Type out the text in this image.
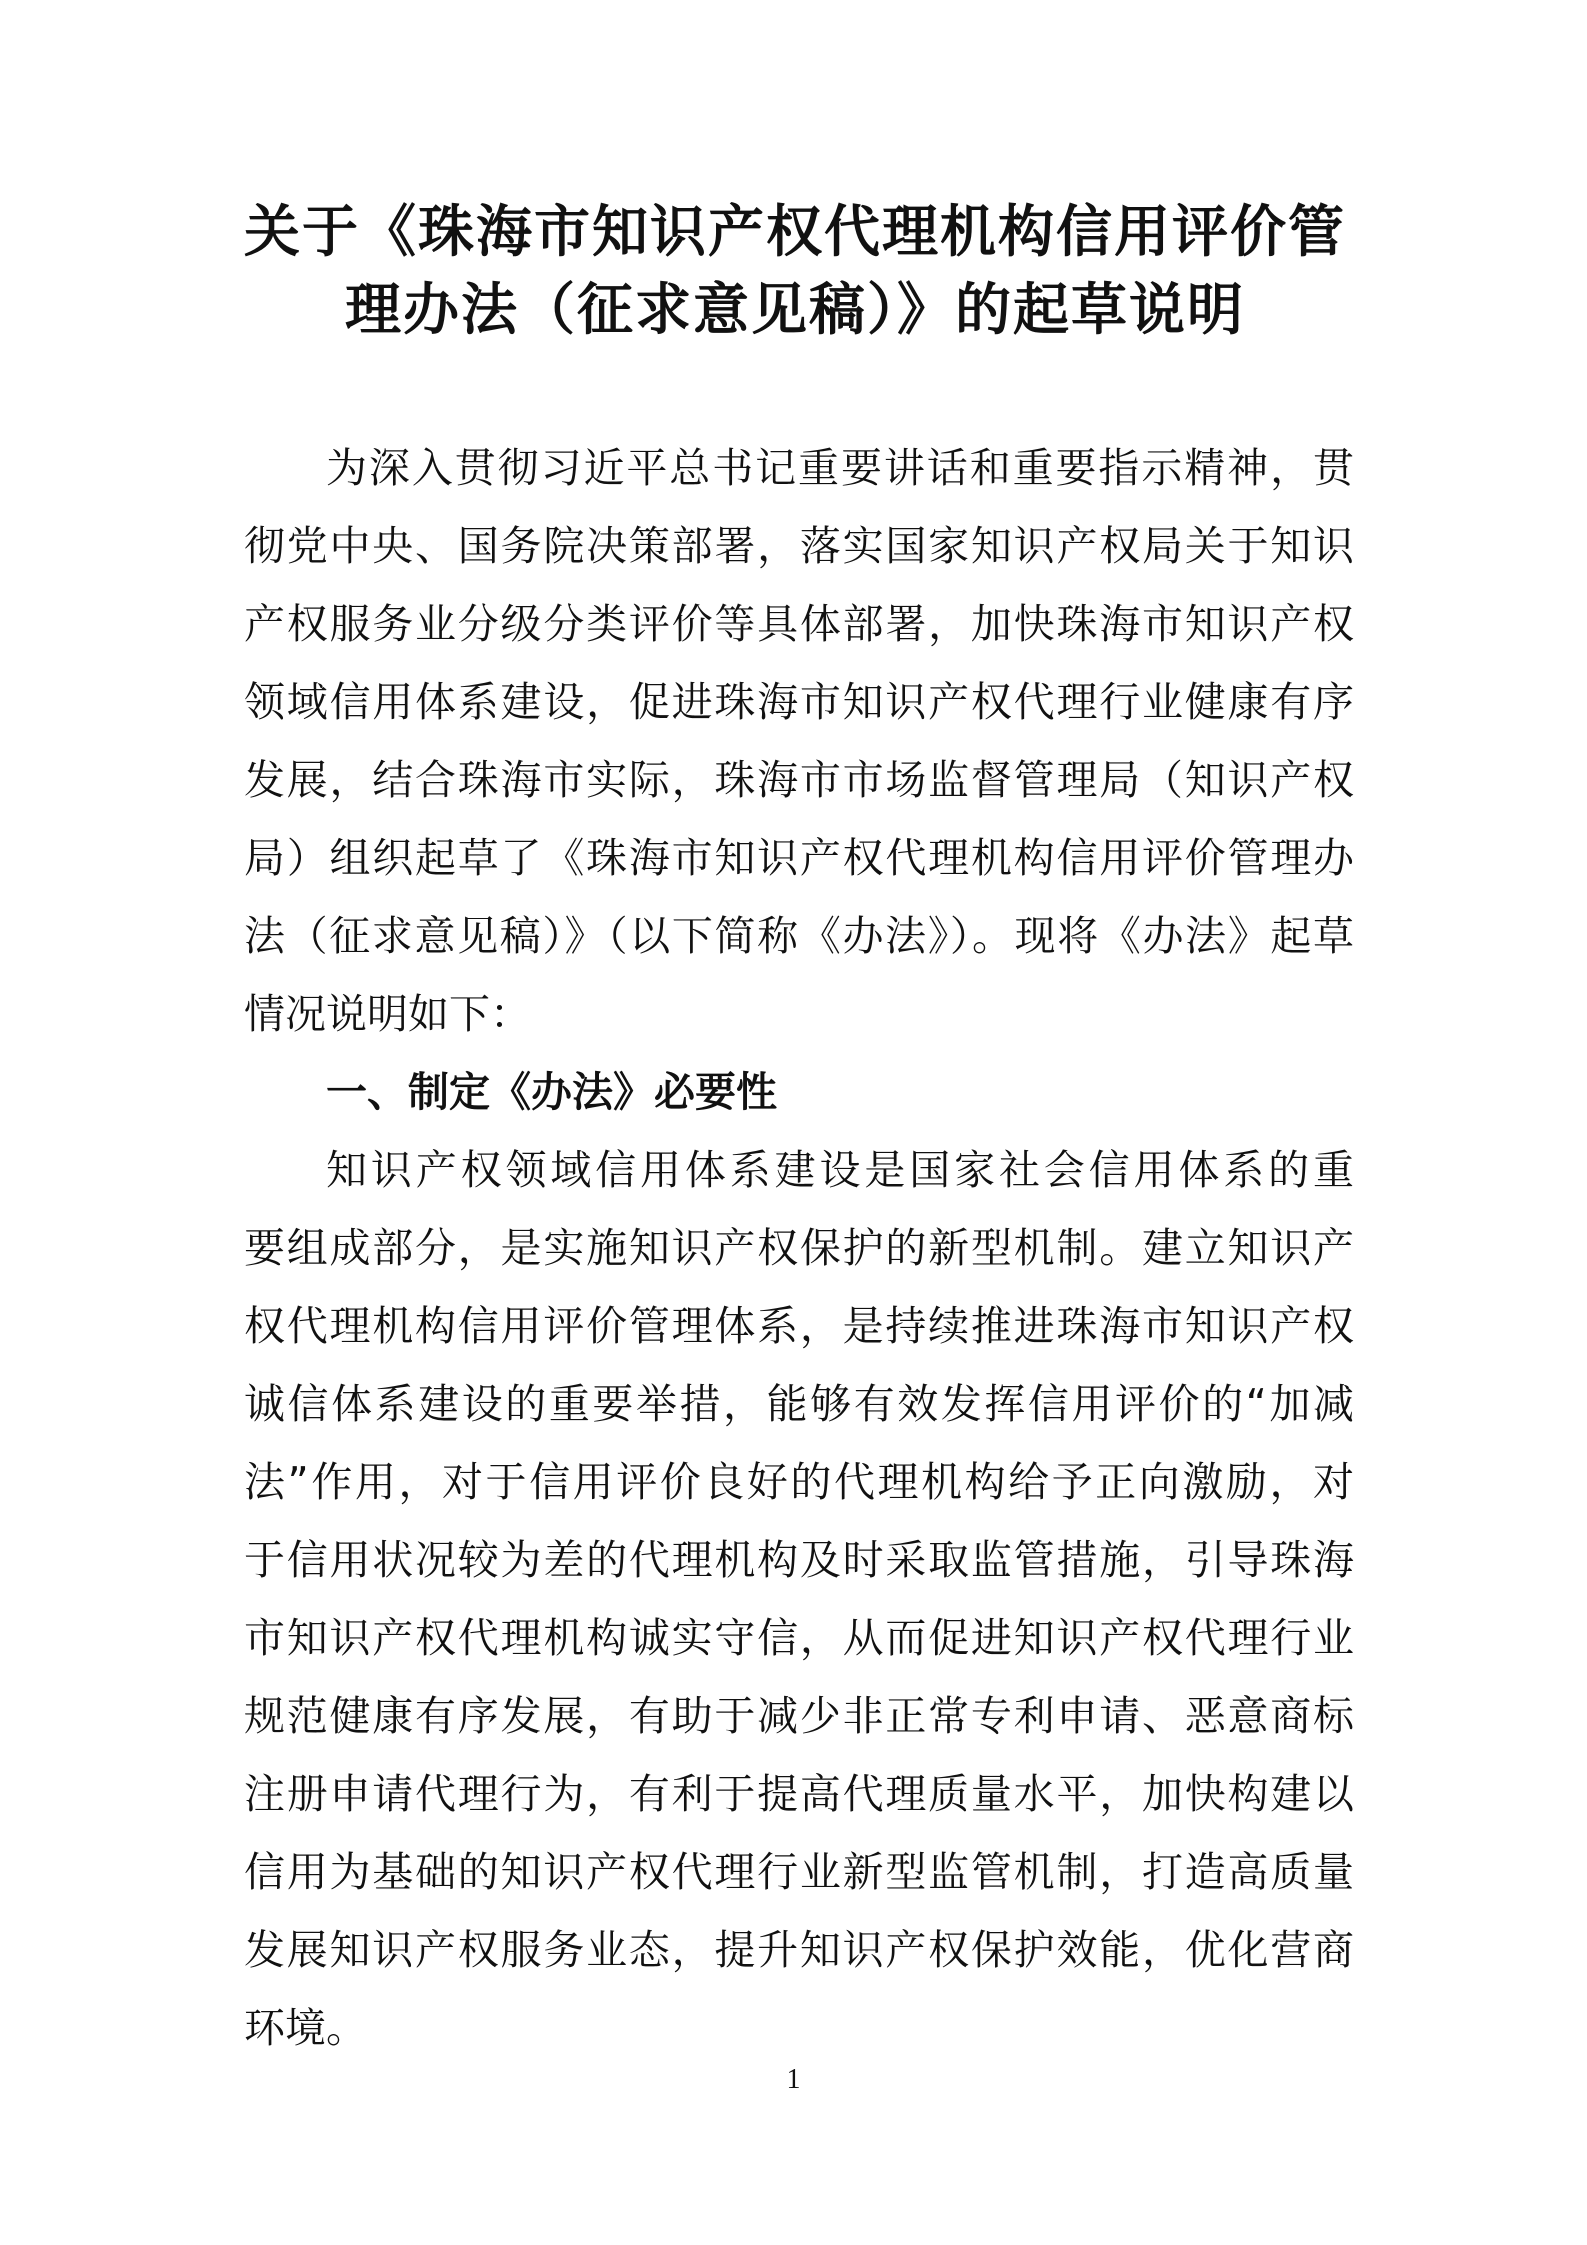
关于《珠海市知识产权代理机构信用评价管
理办法（征求意见稿）》的起草说明
为深入贯彻习近平总书记重要讲话和重要指示精神，贯
彻党中央、国务院决策部署，落实国家知识产权局关于知识
产权服务业分级分类评价等具体部署，加快珠海市知识产权
领域信用体系建设，促进珠海市知识产权代理行业健康有序
发展，结合珠海市实际，珠海市市场监督管理局（知识产权
局）组织起草了《珠海市知识产权代理机构信用评价管理办
法（征求意见稿）》（以下简称《办法》）。现将《办法》起草
情况说明如下：
一、制定《办法》必要性
知识产权领域信用体系建设是国家社会信用体系的重
要组成部分，是实施知识产权保护的新型机制。建立知识产
权代理机构信用评价管理体系，是持续推进珠海市知识产权
诚信体系建设的重要举措，能够有效发挥信用评价的“加减
法”作用，对于信用评价良好的代理机构给予正向激励，对
于信用状况较为差的代理机构及时采取监管措施，引导珠海
市知识产权代理机构诚实守信，从而促进知识产权代理行业
规范健康有序发展，有助于减少非正常专利申请、恶意商标
注册申请代理行为，有利于提高代理质量水平，加快构建以
信用为基础的知识产权代理行业新型监管机制，打造高质量
发展知识产权服务业态，提升知识产权保护效能，优化营商
环境。
1
